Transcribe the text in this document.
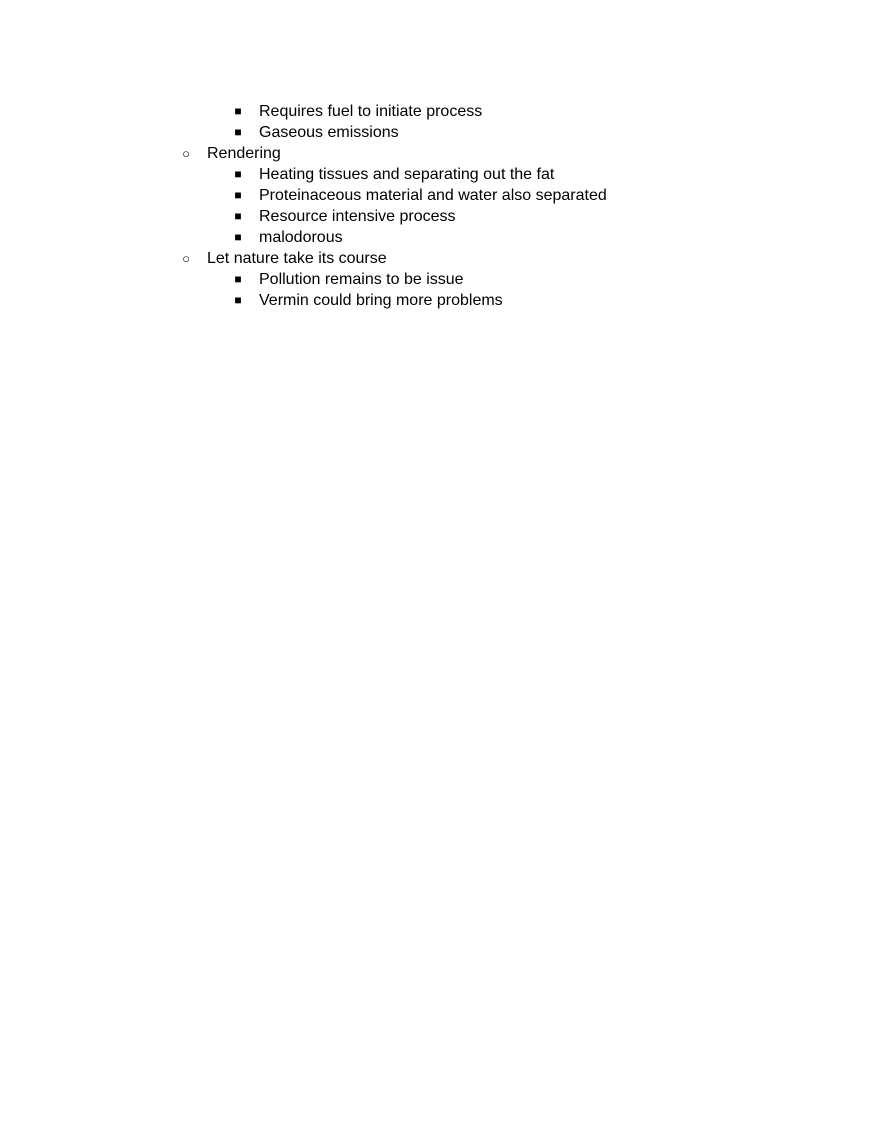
■ Requires fuel to initiate process
■ Gaseous emissions
○ Rendering
■ Heating tissues and separating out the fat
■ Proteinaceous material and water also separated
■ Resource intensive process
■ malodorous
○ Let nature take its course
■ Pollution remains to be issue
■ Vermin could bring more problems
